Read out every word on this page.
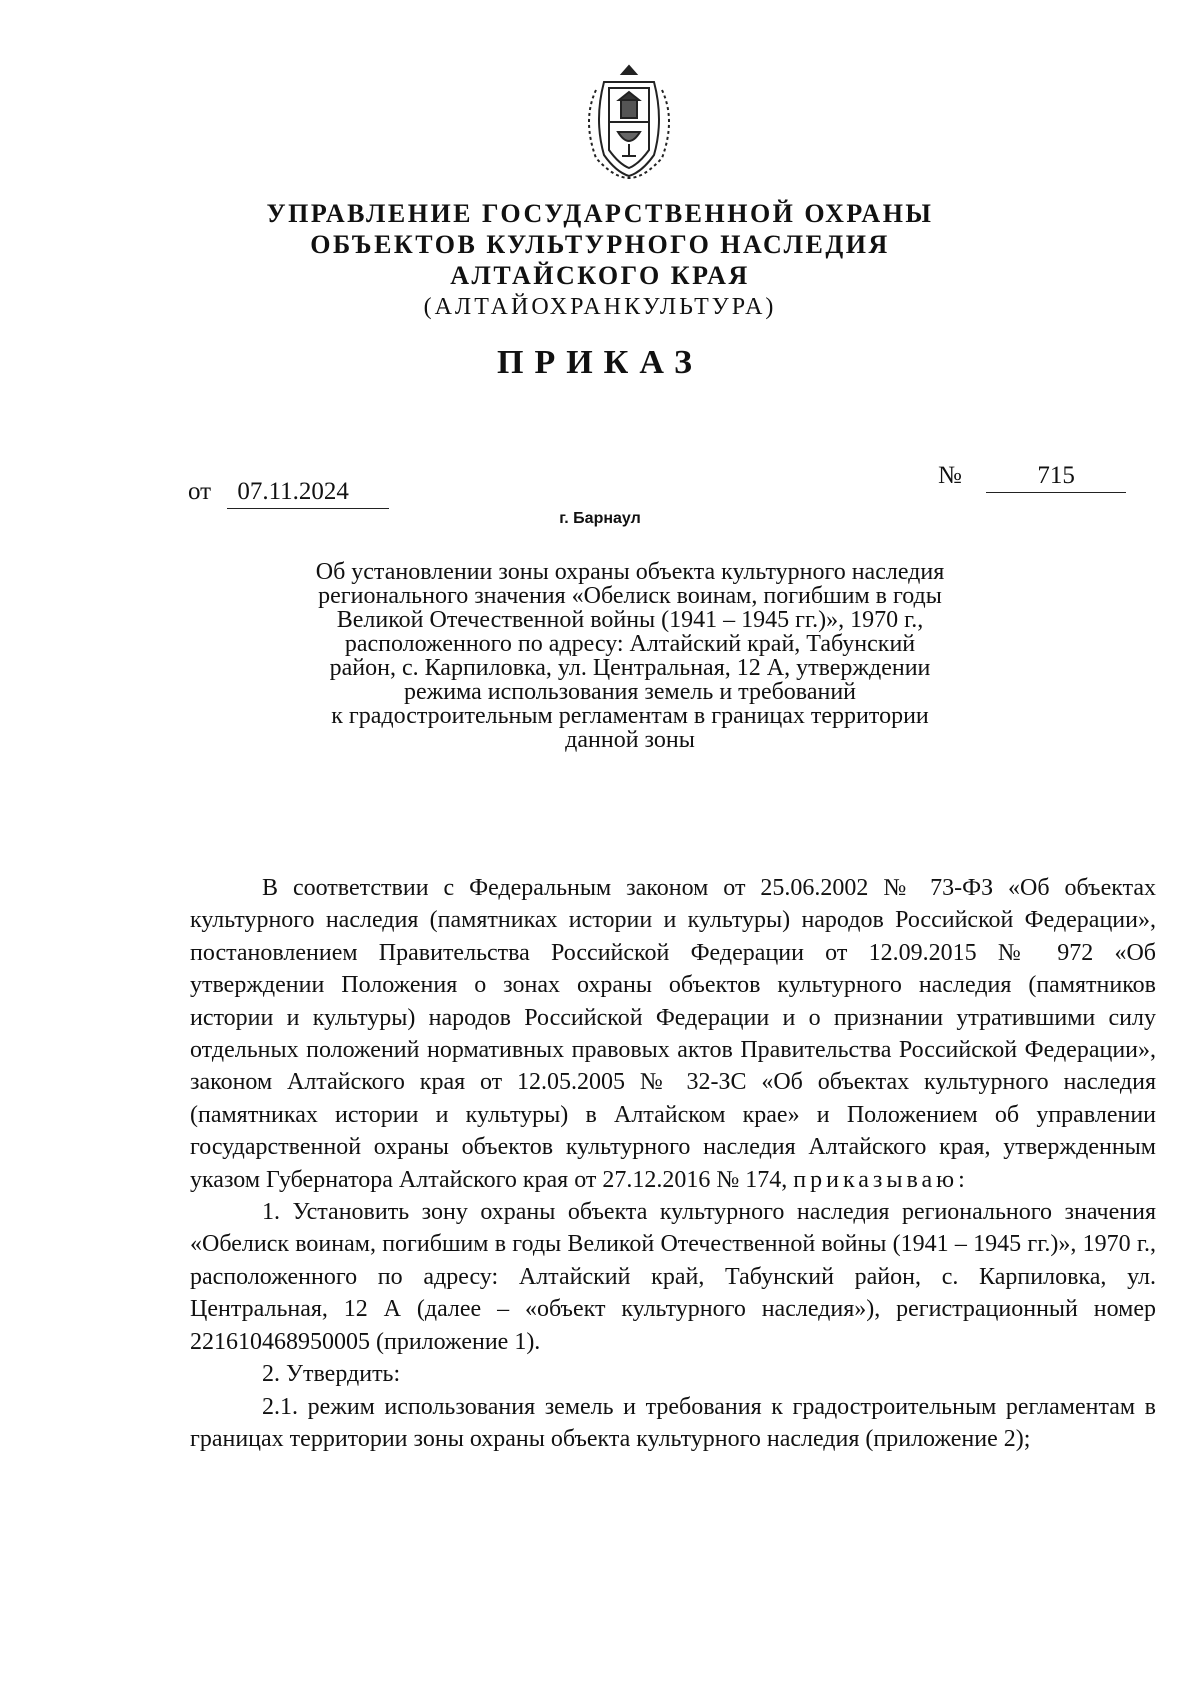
УПРАВЛЕНИЕ ГОСУДАРСТВЕННОЙ ОХРАНЫ
ОБЪЕКТОВ КУЛЬТУРНОГО НАСЛЕДИЯ
АЛТАЙСКОГО КРАЯ
(АЛТАЙОХРАНКУЛЬТУРА)
ПРИКАЗ
от 07.11.2024
№	715
г. Барнаул
Об установлении зоны охраны объекта культурного наследия
регионального значения «Обелиск воинам, погибшим в годы
Великой Отечественной войны (1941 – 1945 гг.)», 1970 г.,
расположенного по адресу: Алтайский край, Табунский
район, с. Карпиловка, ул. Центральная, 12 А, утверждении
режима использования земель и требований
к градостроительным регламентам в границах территории
данной зоны

В соответствии с Федеральным законом от 25.06.2002 № 73-ФЗ «Об объектах культурного наследия (памятниках истории и культуры) народов Российской Федерации», постановлением Правительства Российской Федерации от 12.09.2015 № 972 «Об утверждении Положения о зонах охраны объектов культурного наследия (памятников истории и культуры) народов Российской Федерации и о признании утратившими силу отдельных положений нормативных правовых актов Правительства Российской Федерации», законом Алтайского края от 12.05.2005 № 32-ЗС «Об объектах культурного наследия (памятниках истории и культуры) в Алтайском крае» и Положением об управлении государственной охраны объектов культурного наследия Алтайского края, утвержденным указом Губернатора Алтайского края от 27.12.2016 № 174, приказываю:

1. Установить зону охраны объекта культурного наследия регионального значения «Обелиск воинам, погибшим в годы Великой Отечественной войны (1941 – 1945 гг.)», 1970 г., расположенного по адресу: Алтайский край, Табунский район, с. Карпиловка, ул. Центральная, 12 А (далее – «объект культурного наследия»), регистрационный номер 221610468950005 (приложение 1).

2. Утвердить:

2.1. режим использования земель и требования к градостроительным регламентам в границах территории зоны охраны объекта культурного наследия (приложение 2);
